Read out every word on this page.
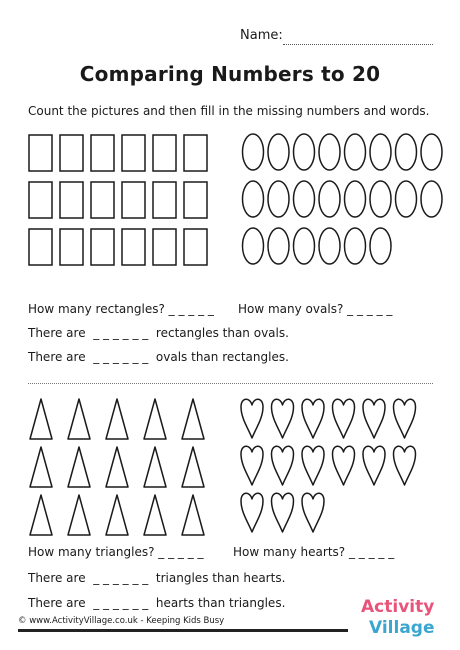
Name:
Comparing Numbers to 20
Count the pictures and then fill in the missing numbers and words.
How many rectangles? _ _ _ _ _ How many ovals? _ _ _ _ _
There are  _ _ _ _ _ _  rectangles than ovals.
There are  _ _ _ _ _ _  ovals than rectangles.
How many triangles? _ _ _ _ _ How many hearts? _ _ _ _ _
There are  _ _ _ _ _ _  triangles than hearts.
There are  _ _ _ _ _ _  hearts than triangles.
© www.ActivityVillage.co.uk - Keeping Kids Busy
Activity
Village
